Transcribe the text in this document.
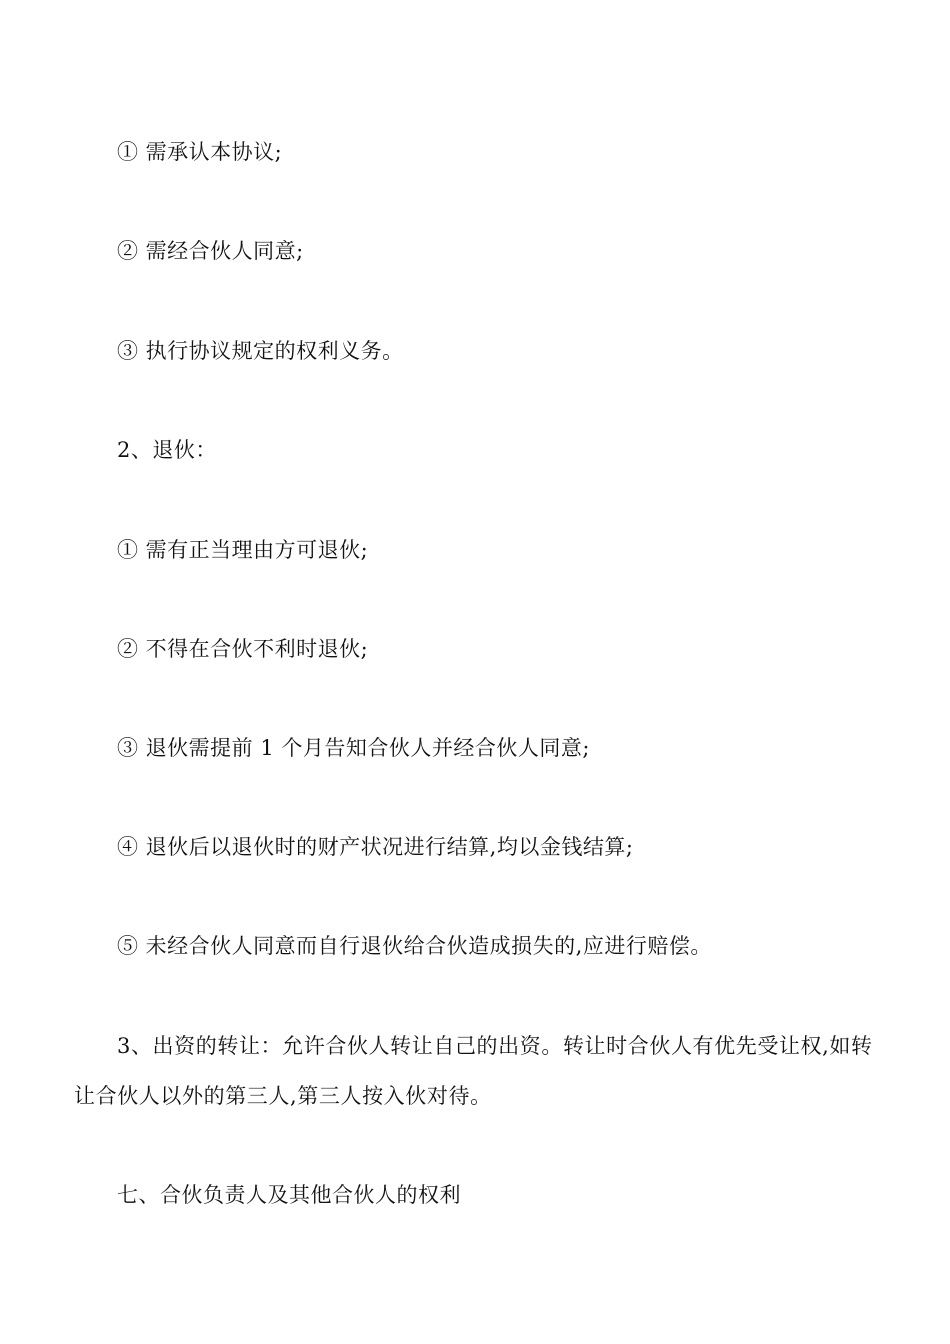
① 需承认本协议;

② 需经合伙人同意;

③ 执行协议规定的权利义务。

2、退伙：

① 需有正当理由方可退伙;

② 不得在合伙不利时退伙;

③ 退伙需提前 1 个月告知合伙人并经合伙人同意;

④ 退伙后以退伙时的财产状况进行结算,均以金钱结算;

⑤ 未经合伙人同意而自行退伙给合伙造成损失的,应进行赔偿。

3、出资的转让：允许合伙人转让自己的出资。转让时合伙人有优先受让权,如转让合伙人以外的第三人,第三人按入伙对待。

七、合伙负责人及其他合伙人的权利
